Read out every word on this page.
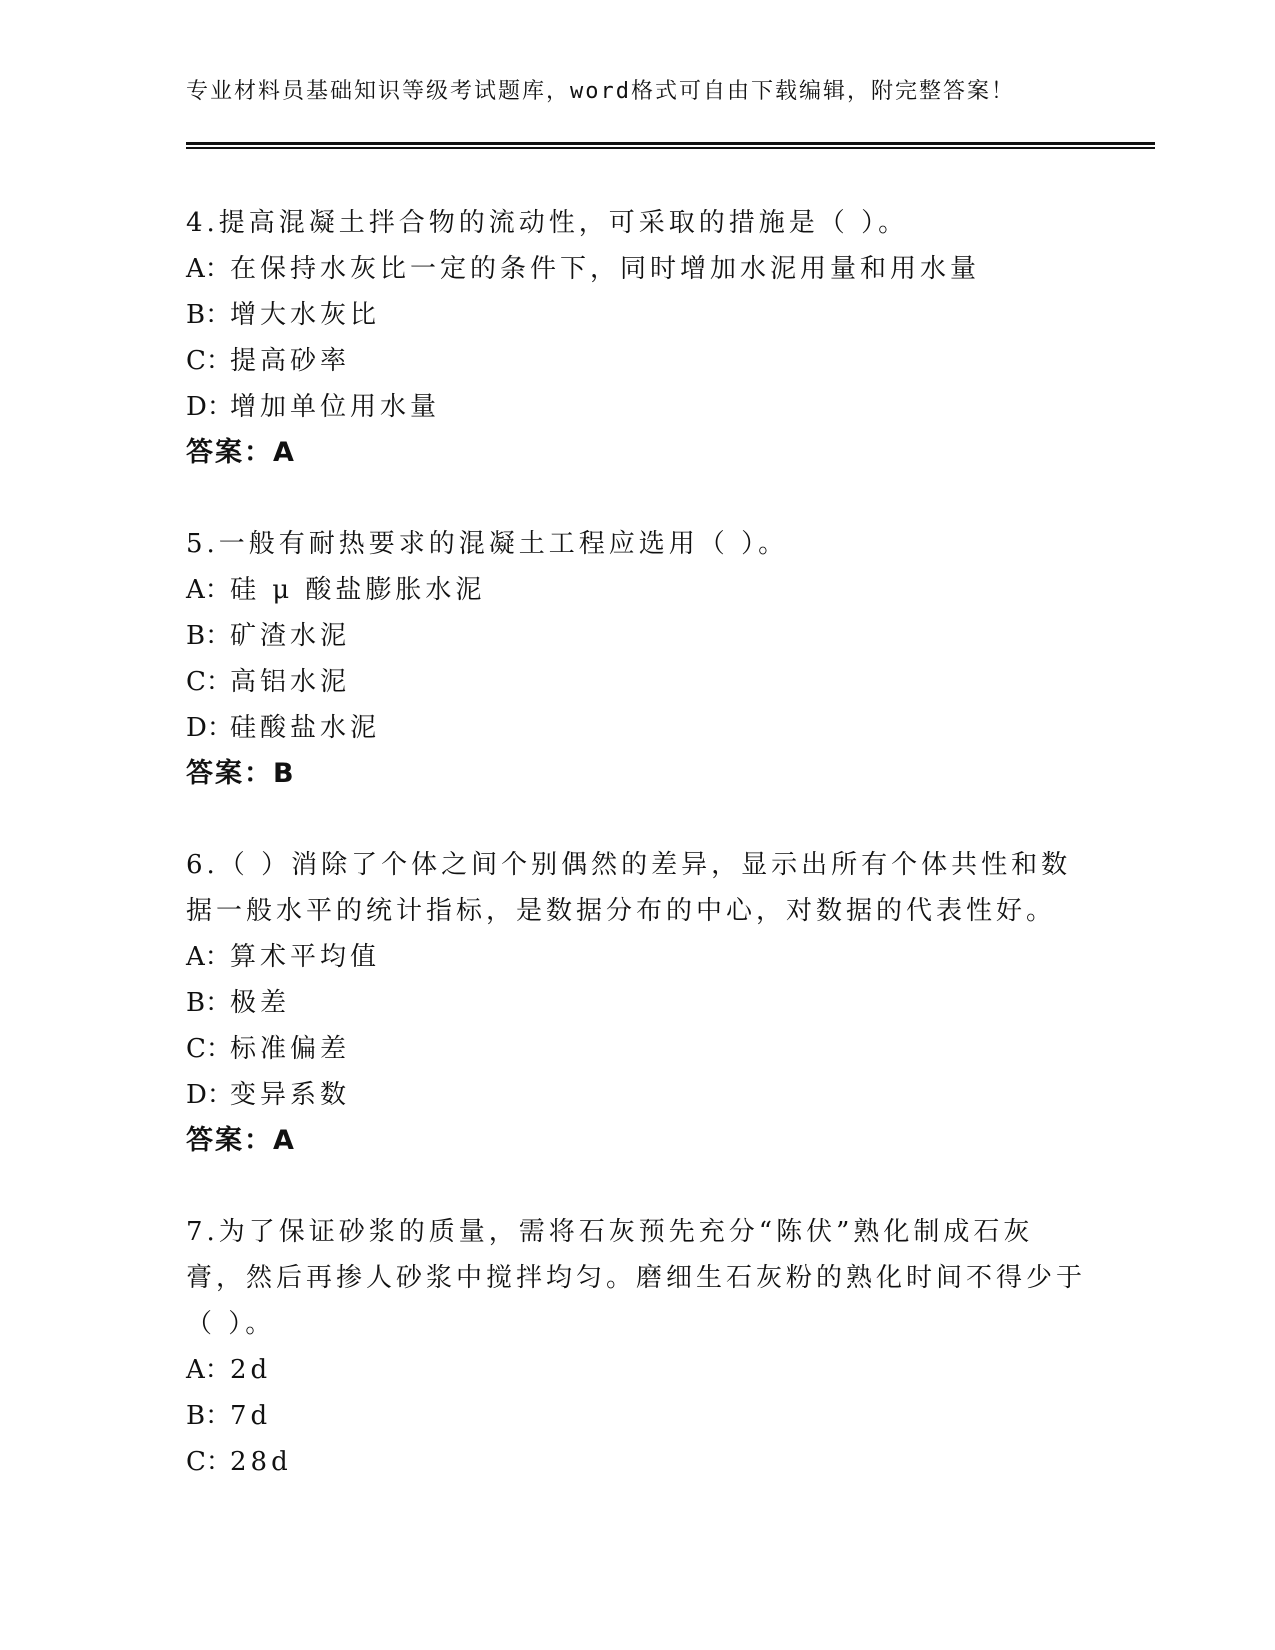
专业材料员基础知识等级考试题库，word格式可自由下载编辑，附完整答案！
4.提高混凝土拌合物的流动性，可采取的措施是（ ）。
A：在保持水灰比一定的条件下，同时增加水泥用量和用水量
B：增大水灰比
C：提高砂率
D：增加单位用水量
答案：A
5.一般有耐热要求的混凝土工程应选用（ ）。
A：硅 μ 酸盐膨胀水泥
B：矿渣水泥
C：高铝水泥
D：硅酸盐水泥
答案：B
6.（ ）消除了个体之间个别偶然的差异，显示出所有个体共性和数据一般水平的统计指标，是数据分布的中心，对数据的代表性好。
A：算术平均值
B：极差
C：标准偏差
D：变异系数
答案：A
7.为了保证砂浆的质量，需将石灰预先充分“陈伏”熟化制成石灰膏，然后再掺人砂浆中搅拌均匀。磨细生石灰粉的熟化时间不得少于（ ）。
A：2d
B：7d
C：28d
